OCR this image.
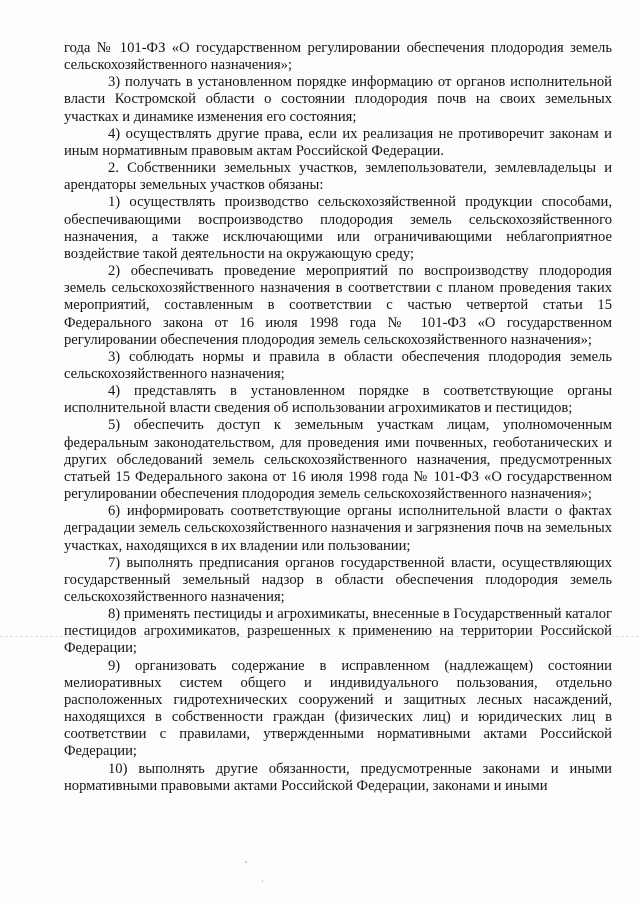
года № 101-ФЗ «О государственном регулировании обеспечения плодородия земель сельскохозяйственного назначения»;

3) получать в установленном порядке информацию от органов исполнительной власти Костромской области о состоянии плодородия почв на своих земельных участках и динамике изменения его состояния;

4) осуществлять другие права, если их реализация не противоречит законам и иным нормативным правовым актам Российской Федерации.

2. Собственники земельных участков, землепользователи, землевладельцы и арендаторы земельных участков обязаны:

1) осуществлять производство сельскохозяйственной продукции способами, обеспечивающими воспроизводство плодородия земель сельскохозяйственного назначения, а также исключающими или ограничивающими неблагоприятное воздействие такой деятельности на окружающую среду;

2) обеспечивать проведение мероприятий по воспроизводству плодородия земель сельскохозяйственного назначения в соответствии с планом проведения таких мероприятий, составленным в соответствии с частью четвертой статьи 15 Федерального закона от 16 июля 1998 года № 101-ФЗ «О государственном регулировании обеспечения плодородия земель сельскохозяйственного назначения»;

3) соблюдать нормы и правила в области обеспечения плодородия земель сельскохозяйственного назначения;

4) представлять в установленном порядке в соответствующие органы исполнительной власти сведения об использовании агрохимикатов и пестицидов;

5) обеспечить доступ к земельным участкам лицам, уполномоченным федеральным законодательством, для проведения ими почвенных, геоботанических и других обследований земель сельскохозяйственного назначения, предусмотренных статьей 15 Федерального закона от 16 июля 1998 года № 101-ФЗ «О государственном регулировании обеспечения плодородия земель сельскохозяйственного назначения»;

6) информировать соответствующие органы исполнительной власти о фактах деградации земель сельскохозяйственного назначения и загрязнения почв на земельных участках, находящихся в их владении или пользовании;

7) выполнять предписания органов государственной власти, осуществляющих государственный земельный надзор в области обеспечения плодородия земель сельскохозяйственного назначения;

8) применять пестициды и агрохимикаты, внесенные в Государственный каталог пестицидов агрохимикатов, разрешенных к применению на территории Российской Федерации;

9) организовать содержание в исправленном (надлежащем) состоянии мелиоративных систем общего и индивидуального пользования, отдельно расположенных гидротехнических сооружений и защитных лесных насаждений, находящихся в собственности граждан (физических лиц) и юридических лиц в соответствии с правилами, утвержденными нормативными актами Российской Федерации;

10) выполнять другие обязанности, предусмотренные законами и иными нормативными правовыми актами Российской Федерации, законами и иными
